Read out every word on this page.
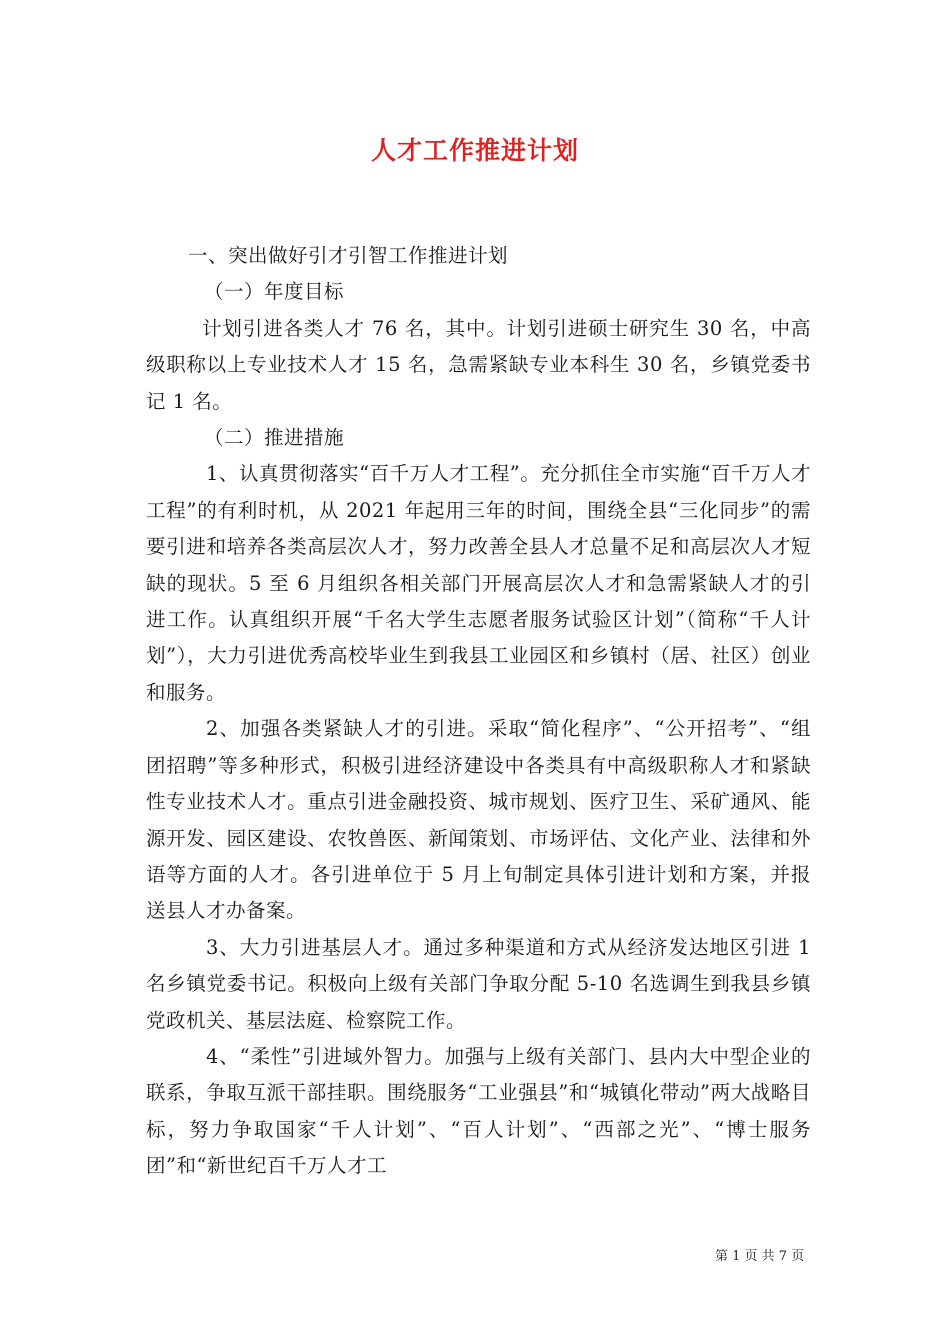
人才工作推进计划

一、突出做好引才引智工作推进计划

（一）年度目标

计划引进各类人才 76 名，其中。计划引进硕士研究生 30 名，中高级职称以上专业技术人才 15 名，急需紧缺专业本科生 30 名，乡镇党委书记 1 名。

（二）推进措施

1、认真贯彻落实“百千万人才工程”。充分抓住全市实施“百千万人才工程”的有利时机，从 2021 年起用三年的时间，围绕全县“三化同步”的需要引进和培养各类高层次人才，努力改善全县人才总量不足和高层次人才短缺的现状。5 至 6 月组织各相关部门开展高层次人才和急需紧缺人才的引进工作。认真组织开展“千名大学生志愿者服务试验区计划”（简称“千人计划”），大力引进优秀高校毕业生到我县工业园区和乡镇村（居、社区）创业和服务。

2、加强各类紧缺人才的引进。采取“简化程序”、“公开招考”、“组团招聘”等多种形式，积极引进经济建设中各类具有中高级职称人才和紧缺性专业技术人才。重点引进金融投资、城市规划、医疗卫生、采矿通风、能源开发、园区建设、农牧兽医、新闻策划、市场评估、文化产业、法律和外语等方面的人才。各引进单位于 5 月上旬制定具体引进计划和方案，并报送县人才办备案。

3、大力引进基层人才。通过多种渠道和方式从经济发达地区引进 1 名乡镇党委书记。积极向上级有关部门争取分配 5-10 名选调生到我县乡镇党政机关、基层法庭、检察院工作。

4、“柔性”引进域外智力。加强与上级有关部门、县内大中型企业的联系，争取互派干部挂职。围绕服务“工业强县”和“城镇化带动”两大战略目标，努力争取国家“千人计划”、“百人计划”、“西部之光”、“博士服务团”和“新世纪百千万人才工

第 1 页 共 7 页
